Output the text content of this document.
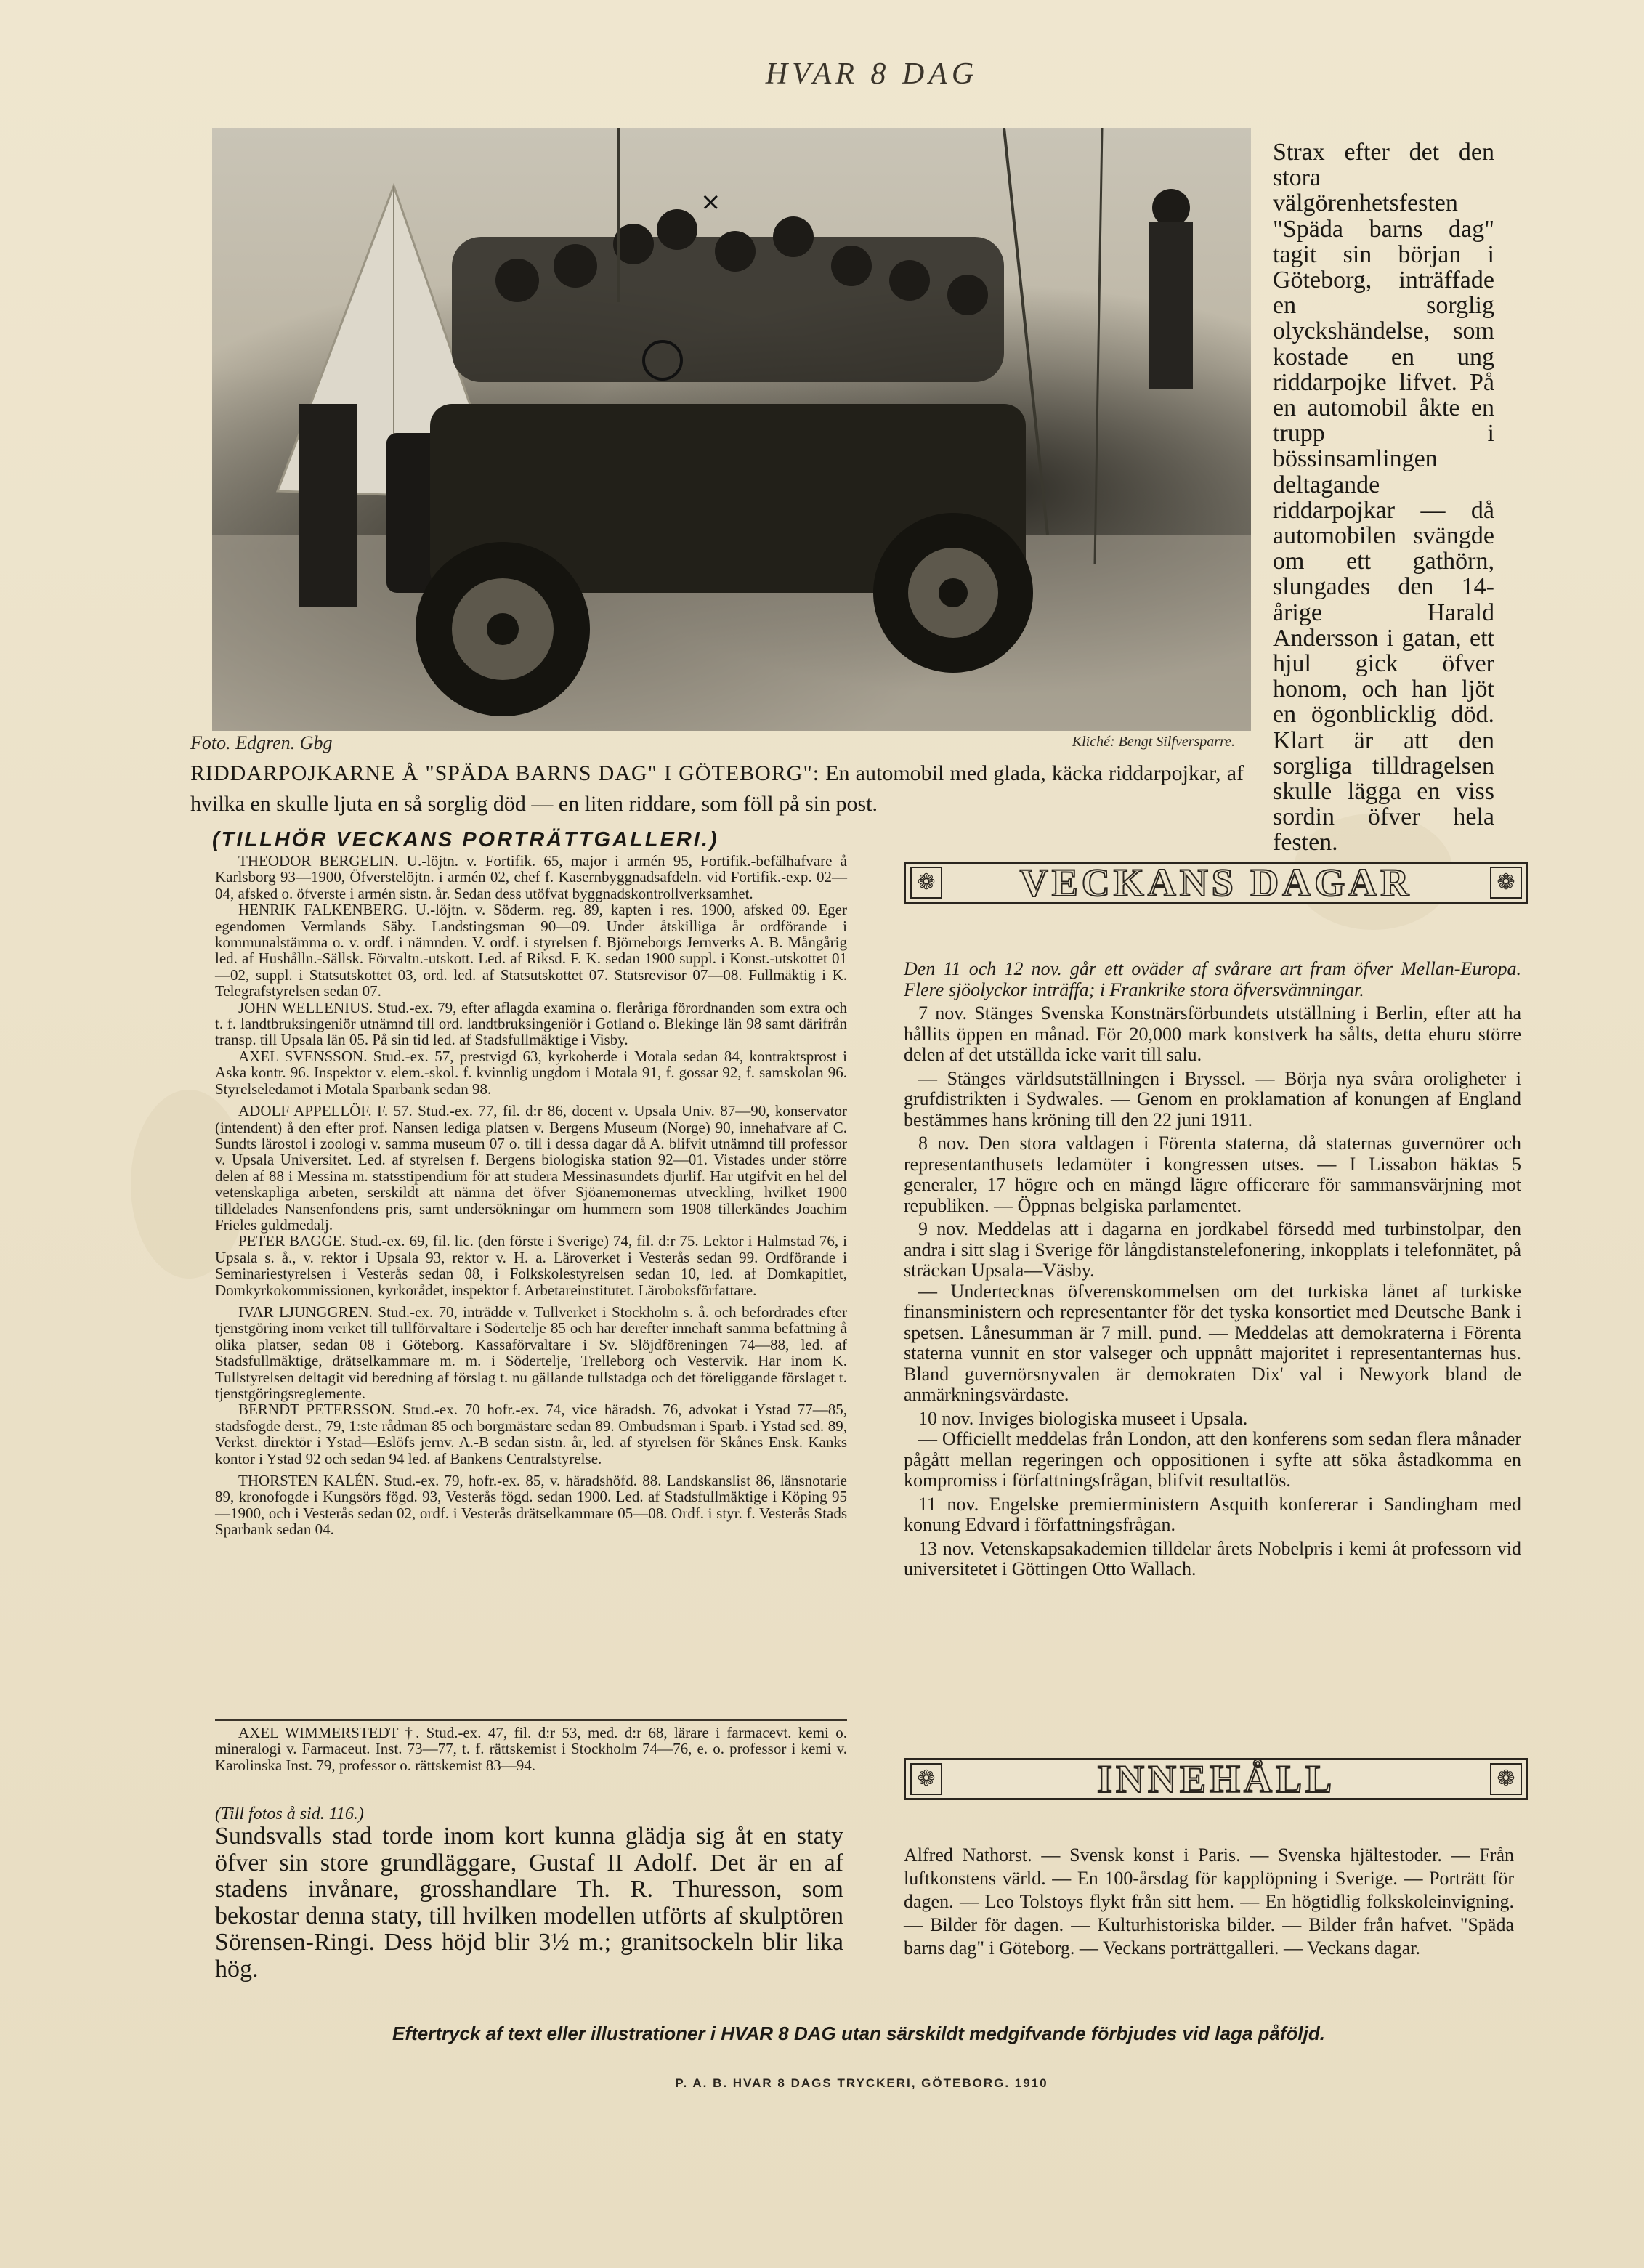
HVAR 8 DAG
×
Foto. Edgren. Gbg	Kliché: Bengt Silfversparre.
RIDDARPOJKARNE Å "SPÄDA BARNS DAG" I GÖTEBORG": En automobil med glada, käcka riddarpojkar, af hvilka en skulle ljuta en så sorglig död — en liten riddare, som föll på sin post.
Strax efter det den stora välgörenhetsfesten "Späda barns dag" tagit sin början i Göteborg, inträffade en sorglig olyckshändelse, som kostade en ung riddarpojke lifvet. På en automobil åkte en trupp i bössinsamlingen deltagande riddarpojkar — då automobilen svängde om ett gathörn, slungades den 14-årige Harald Andersson i gatan, ett hjul gick öfver honom, och han ljöt en ögonblicklig död. Klart är att den sorgliga tilldragelsen skulle lägga en viss sordin öfver hela festen.
(TILLHÖR VECKANS PORTRÄTTGALLERI.)

THEODOR BERGELIN. U.-löjtn. v. Fortifik. 65, major i armén 95, Fortifik.-befälhafvare å Karlsborg 93—1900, Öfverstelöjtn. i armén 02, chef f. Kasernbyggnadsafdeln. vid Fortifik.-exp. 02—04, afsked o. öfverste i armén sistn. år. Sedan dess utöfvat byggnadskontrollverksamhet.

HENRIK FALKENBERG. U.-löjtn. v. Söderm. reg. 89, kapten i res. 1900, afsked 09. Eger egendomen Vermlands Säby. Landstingsman 90—09. Under åtskilliga år ordförande i kommunalstämma o. v. ordf. i nämnden. V. ordf. i styrelsen f. Björneborgs Jernverks A. B. Mångårig led. af Hushålln.-Sällsk. Förvaltn.-utskott. Led. af Riksd. F. K. sedan 1900 suppl. i Konst.-utskottet 01—02, suppl. i Statsutskottet 03, ord. led. af Statsutskottet 07. Statsrevisor 07—08. Fullmäktig i K. Telegrafstyrelsen sedan 07.

JOHN WELLENIUS. Stud.-ex. 79, efter aflagda examina o. fleråriga förordnanden som extra och t. f. landtbruksingeniör utnämnd till ord. landtbruksingeniör i Gotland o. Blekinge län 98 samt därifrån transp. till Upsala län 05. På sin tid led. af Stadsfullmäktige i Visby.

AXEL SVENSSON. Stud.-ex. 57, prestvigd 63, kyrkoherde i Motala sedan 84, kontraktsprost i Aska kontr. 96. Inspektor v. elem.-skol. f. kvinnlig ungdom i Motala 91, f. gossar 92, f. samskolan 96. Styrelseledamot i Motala Sparbank sedan 98.

ADOLF APPELLÖF. F. 57. Stud.-ex. 77, fil. d:r 86, docent v. Upsala Univ. 87—90, konservator (intendent) å den efter prof. Nansen lediga platsen v. Bergens Museum (Norge) 90, innehafvare af C. Sundts lärostol i zoologi v. samma museum 07 o. till i dessa dagar då A. blifvit utnämnd till professor v. Upsala Universitet. Led. af styrelsen f. Bergens biologiska station 92—01. Vistades under större delen af 88 i Messina m. statsstipendium för att studera Messinasundets djurlif. Har utgifvit en hel del vetenskapliga arbeten, serskildt att nämna det öfver Sjöanemonernas utveckling, hvilket 1900 tilldelades Nansenfondens pris, samt undersökningar om hummern som 1908 tillerkändes Joachim Frieles guldmedalj.

PETER BAGGE. Stud.-ex. 69, fil. lic. (den förste i Sverige) 74, fil. d:r 75. Lektor i Halmstad 76, i Upsala s. å., v. rektor i Upsala 93, rektor v. H. a. Läroverket i Vesterås sedan 99. Ordförande i Seminariestyrelsen i Vesterås sedan 08, i Folkskolestyrelsen sedan 10, led. af Domkapitlet, Domkyrkokommissionen, kyrkorådet, inspektor f. Arbetareinstitutet. Läroboksförfattare.

IVAR LJUNGGREN. Stud.-ex. 70, inträdde v. Tullverket i Stockholm s. å. och befordrades efter tjenstgöring inom verket till tullförvaltare i Södertelje 85 och har derefter innehaft samma befattning å olika platser, sedan 08 i Göteborg. Kassaförvaltare i Sv. Slöjdföreningen 74—88, led. af Stadsfullmäktige, drätselkammare m. m. i Södertelje, Trelleborg och Vestervik. Har inom K. Tullstyrelsen deltagit vid beredning af förslag t. nu gällande tullstadga och det föreliggande förslaget t. tjenstgöringsreglemente.

BERNDT PETERSSON. Stud.-ex. 70 hofr.-ex. 74, vice häradsh. 76, advokat i Ystad 77—85, stadsfogde derst., 79, 1:ste rådman 85 och borgmästare sedan 89. Ombudsman i Sparb. i Ystad sed. 89, Verkst. direktör i Ystad—Eslöfs jernv. A.-B sedan sistn. år, led. af styrelsen för Skånes Ensk. Kanks kontor i Ystad 92 och sedan 94 led. af Bankens Centralstyrelse.

THORSTEN KALÉN. Stud.-ex. 79, hofr.-ex. 85, v. häradshöfd. 88. Landskanslist 86, länsnotarie 89, kronofogde i Kungsörs fögd. 93, Vesterås fögd. sedan 1900. Led. af Stadsfullmäktige i Köping 95—1900, och i Vesterås sedan 02, ordf. i Vesterås drätselkammare 05—08. Ordf. i styr. f. Vesterås Stads Sparbank sedan 04.

AXEL WIMMERSTEDT †. Stud.-ex. 47, fil. d:r 53, med. d:r 68, lärare i farmacevt. kemi o. mineralogi v. Farmaceut. Inst. 73—77, t. f. rättskemist i Stockholm 74—76, e. o. professor i kemi v. Karolinska Inst. 79, professor o. rättskemist 83—94.

(Till fotos å sid. 116.)
Sundsvalls stad torde inom kort kunna glädja sig åt en staty öfver sin store grundläggare, Gustaf II Adolf. Det är en af stadens invånare, grosshandlare Th. R. Thuresson, som bekostar denna staty, till hvilken modellen utförts af skulptören Sörensen-Ringi. Dess höjd blir 3½ m.; granitsockeln blir lika hög.
❁	VECKANS DAGAR	❁

Den 11 och 12 nov. går ett oväder af svårare art fram öfver Mellan-Europa. Flere sjöolyckor inträffa; i Frankrike stora öfversvämningar.

7 nov. Stänges Svenska Konstnärsförbundets utställning i Berlin, efter att ha hållits öppen en månad. För 20,000 mark konstverk ha sålts, detta ehuru större delen af det utställda icke varit till salu.

— Stänges världsutställningen i Bryssel. — Börja nya svåra oroligheter i grufdistrikten i Sydwales. — Genom en proklamation af konungen af England bestämmes hans kröning till den 22 juni 1911.

8 nov. Den stora valdagen i Förenta staterna, då staternas guvernörer och representanthusets ledamöter i kongressen utses. — I Lissabon häktas 5 generaler, 17 högre och en mängd lägre officerare för sammansvärjning mot republiken. — Öppnas belgiska parlamentet.

9 nov. Meddelas att i dagarna en jordkabel försedd med turbinstolpar, den andra i sitt slag i Sverige för långdistanstelefonering, inkopplats i telefonnätet, på sträckan Upsala—Väsby.

— Undertecknas öfverenskommelsen om det turkiska lånet af turkiske finansministern och representanter för det tyska konsortiet med Deutsche Bank i spetsen. Lånesumman är 7 mill. pund. — Meddelas att demokraterna i Förenta staterna vunnit en stor valseger och uppnått majoritet i representanternas hus. Bland guvernörsnyvalen är demokraten Dix' val i Newyork bland de anmärkningsvärdaste.

10 nov. Inviges biologiska museet i Upsala.

— Officiellt meddelas från London, att den konferens som sedan flera månader pågått mellan regeringen och oppositionen i syfte att söka åstadkomma en kompromiss i författningsfrågan, blifvit resultatlös.

11 nov. Engelske premierministern Asquith konfererar i Sandingham med konung Edvard i författningsfrågan.

13 nov. Vetenskapsakademien tilldelar årets Nobelpris i kemi åt professorn vid universitetet i Göttingen Otto Wallach.

❁	INNEHÅLL	❁
Alfred Nathorst. — Svensk konst i Paris. — Svenska hjältestoder. — Från luftkonstens värld. — En 100-årsdag för kapplöpning i Sverige. — Porträtt för dagen. — Leo Tolstoys flykt från sitt hem. — En högtidlig folkskoleinvigning. — Bilder för dagen. — Kulturhistoriska bilder. — Bilder från hafvet. "Späda barns dag" i Göteborg. — Veckans porträttgalleri. — Veckans dagar.
Eftertryck af text eller illustrationer i HVAR 8 DAG utan särskildt medgifvande förbjudes vid laga påföljd.
P. A. B. HVAR 8 DAGS TRYCKERI, GÖTEBORG. 1910
